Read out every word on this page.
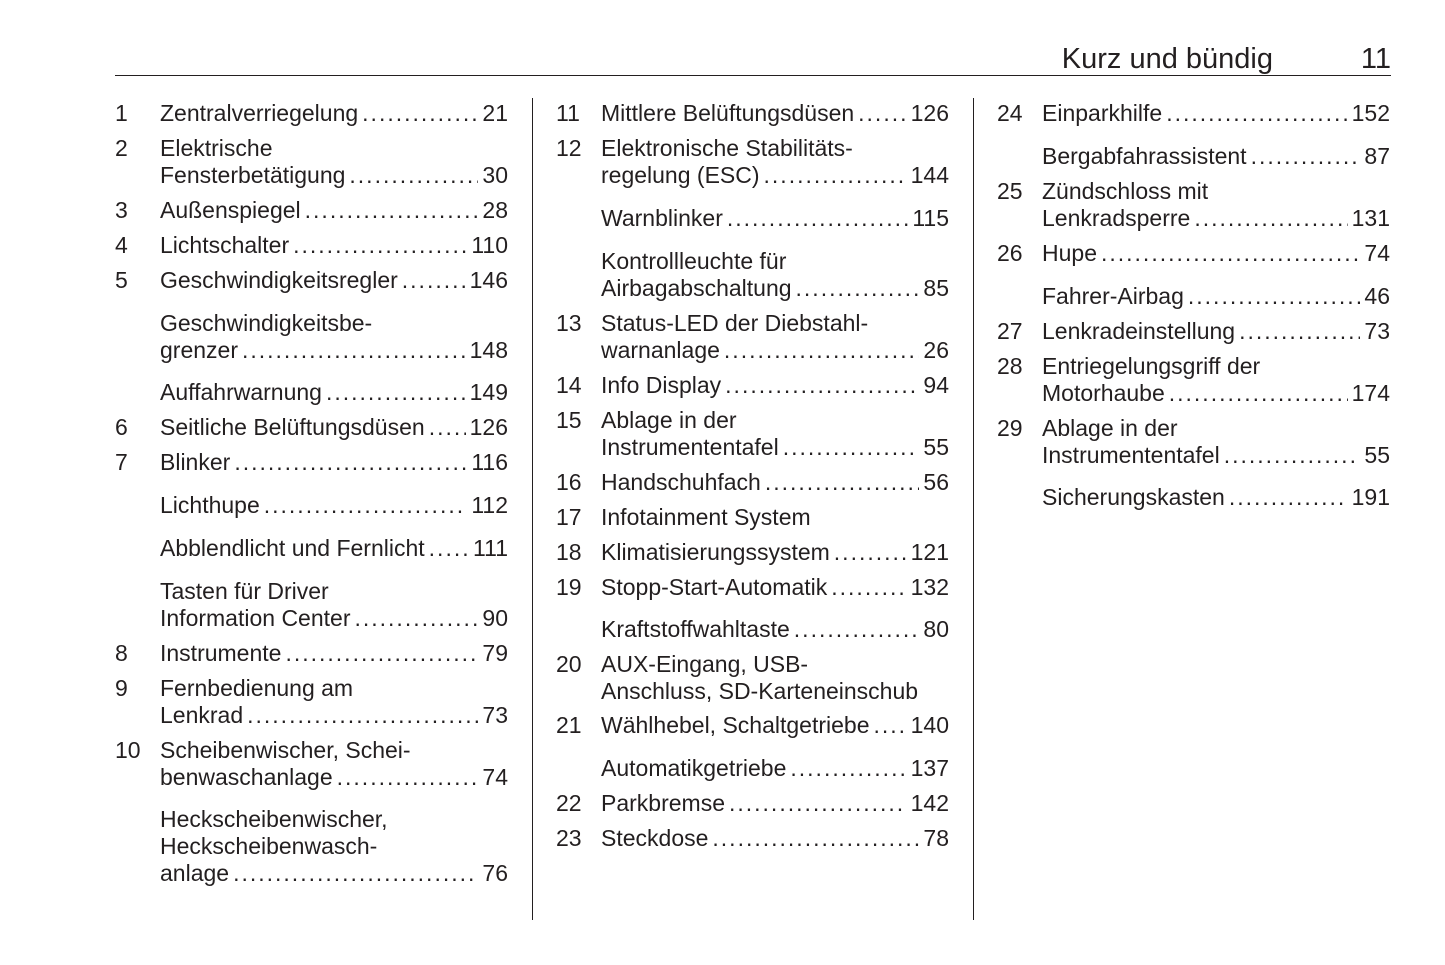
Kurz und bündig	11
1 Zentralverriegelung .....	21
2 Elektrische
Fensterbetätigung .....	30
3 Außenspiegel .....	28
4 Lichtschalter .....	110
5 Geschwindigkeitsregler .....	146
Geschwindigkeitsbe-
grenzer .....	148
Auffahrwarnung .....	149
6 Seitliche Belüftungsdüsen ..... 126
7 Blinker .....	116
Lichthupe .....	112
Abblendlicht und Fernlicht ..... 111
Tasten für Driver
Information Center .....	90
8 Instrumente .....	79
9 Fernbedienung am
Lenkrad .....	73
10 Scheibenwischer, Schei-
benwaschanlage .....	74
Heckscheibenwischer,
Heckscheibenwasch-
anlage .....	76
11 Mittlere Belüftungsdüsen ..... 126
12 Elektronische Stabilitäts-
regelung (ESC) .....	144
Warnblinker .....	115
Kontrollleuchte für
Airbagabschaltung .....	85
13 Status-LED der Diebstahl-
warnanlage .....	26
14 Info Display .....	94
15 Ablage in der
Instrumententafel .....	55
16 Handschuhfach .....	56
17 Infotainment System
18 Klimatisierungssystem .....	121
19 Stopp-Start-Automatik .....	132
Kraftstoffwahltaste .....	80
20 AUX-Eingang, USB-
Anschluss, SD-Karteneinschub
21 Wählhebel, Schaltgetriebe ..... 140
Automatikgetriebe .....	137
22 Parkbremse .....	142
23 Steckdose .....	78
24 Einparkhilfe .....	152
Bergabfahrassistent .....	87
25 Zündschloss mit
Lenkradsperre .....	131
26 Hupe .....	74
Fahrer-Airbag .....	46
27 Lenkradeinstellung .....	73
28 Entriegelungsgriff der
Motorhaube .....	174
29 Ablage in der
Instrumententafel .....	55
Sicherungskasten .....	191
